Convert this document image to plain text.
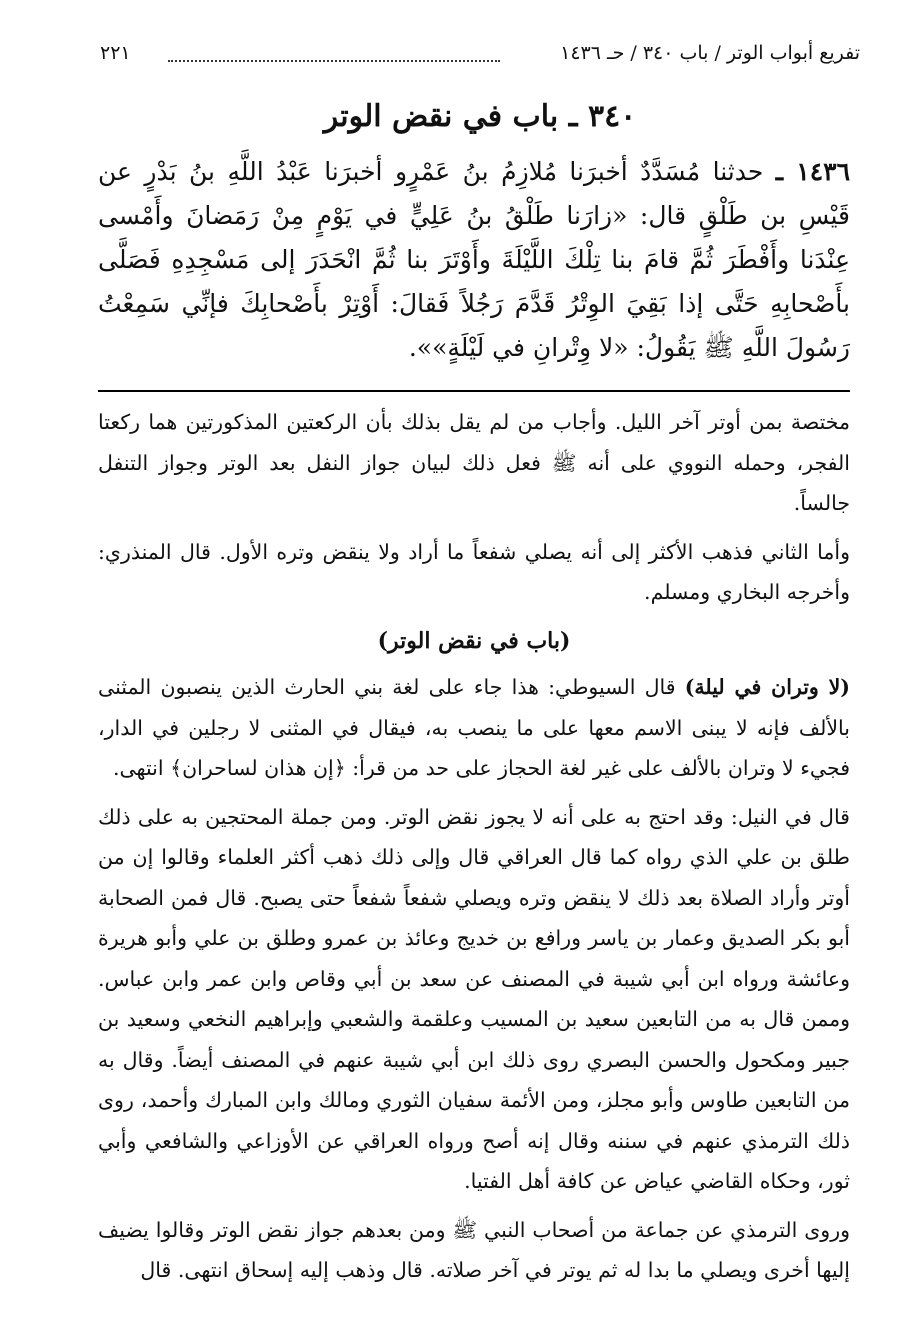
تفريع أبواب الوتر / باب ٣٤٠ / حـ ١٤٣٦
٢٢١
٣٤٠ ـ باب في نقض الوتر
١٤٣٦ ـ حدثنا مُسَدَّدٌ أخبرَنا مُلازِمُ بنُ عَمْرٍو أخبرَنا عَبْدُ اللَّهِ بنُ بَدْرٍ عن قَيْسِ بن طَلْقٍ قال: «زارَنا طَلْقُ بنُ عَلِيٍّ في يَوْمٍ مِنْ رَمَضانَ وأَمْسى عِنْدَنا وأَفْطَرَ ثُمَّ قامَ بنا تِلْكَ اللَّيْلَةَ وأَوْتَرَ بنا ثُمَّ انْحَدَرَ إلى مَسْجِدِهِ فَصَلَّى بأَصْحابِهِ حَتَّى إذا بَقِيَ الوِتْرُ قَدَّمَ رَجُلاً فَقالَ: أَوْتِرْ بأَصْحابِكَ فإنِّي سَمِعْتُ رَسُولَ اللَّهِ ﷺ يَقُولُ: «لا وِتْرانِ في لَيْلَةٍ»».

مختصة بمن أوتر آخر الليل. وأجاب من لم يقل بذلك بأن الركعتين المذكورتين هما ركعتا الفجر، وحمله النووي على أنه ﷺ فعل ذلك لبيان جواز النفل بعد الوتر وجواز التنفل جالساً.

وأما الثاني فذهب الأكثر إلى أنه يصلي شفعاً ما أراد ولا ينقض وتره الأول. قال المنذري: وأخرجه البخاري ومسلم.

(باب في نقض الوتر)

(لا وتران في ليلة) قال السيوطي: هذا جاء على لغة بني الحارث الذين ينصبون المثنى بالألف فإنه لا يبنى الاسم معها على ما ينصب به، فيقال في المثنى لا رجلين في الدار، فجيء لا وتران بالألف على غير لغة الحجاز على حد من قرأ: ﴿إن هذان لساحران﴾ انتهى.

قال في النيل: وقد احتج به على أنه لا يجوز نقض الوتر. ومن جملة المحتجين به على ذلك طلق بن علي الذي رواه كما قال العراقي قال وإلى ذلك ذهب أكثر العلماء وقالوا إن من أوتر وأراد الصلاة بعد ذلك لا ينقض وتره ويصلي شفعاً شفعاً حتى يصبح. قال فمن الصحابة أبو بكر الصديق وعمار بن ياسر ورافع بن خديج وعائذ بن عمرو وطلق بن علي وأبو هريرة وعائشة ورواه ابن أبي شيبة في المصنف عن سعد بن أبي وقاص وابن عمر وابن عباس. وممن قال به من التابعين سعيد بن المسيب وعلقمة والشعبي وإبراهيم النخعي وسعيد بن جبير ومكحول والحسن البصري روى ذلك ابن أبي شيبة عنهم في المصنف أيضاً. وقال به من التابعين طاوس وأبو مجلز، ومن الأئمة سفيان الثوري ومالك وابن المبارك وأحمد، روى ذلك الترمذي عنهم في سننه وقال إنه أصح ورواه العراقي عن الأوزاعي والشافعي وأبي ثور، وحكاه القاضي عياض عن كافة أهل الفتيا.

وروى الترمذي عن جماعة من أصحاب النبي ﷺ ومن بعدهم جواز نقض الوتر وقالوا يضيف إليها أخرى ويصلي ما بدا له ثم يوتر في آخر صلاته. قال وذهب إليه إسحاق انتهى. قال
